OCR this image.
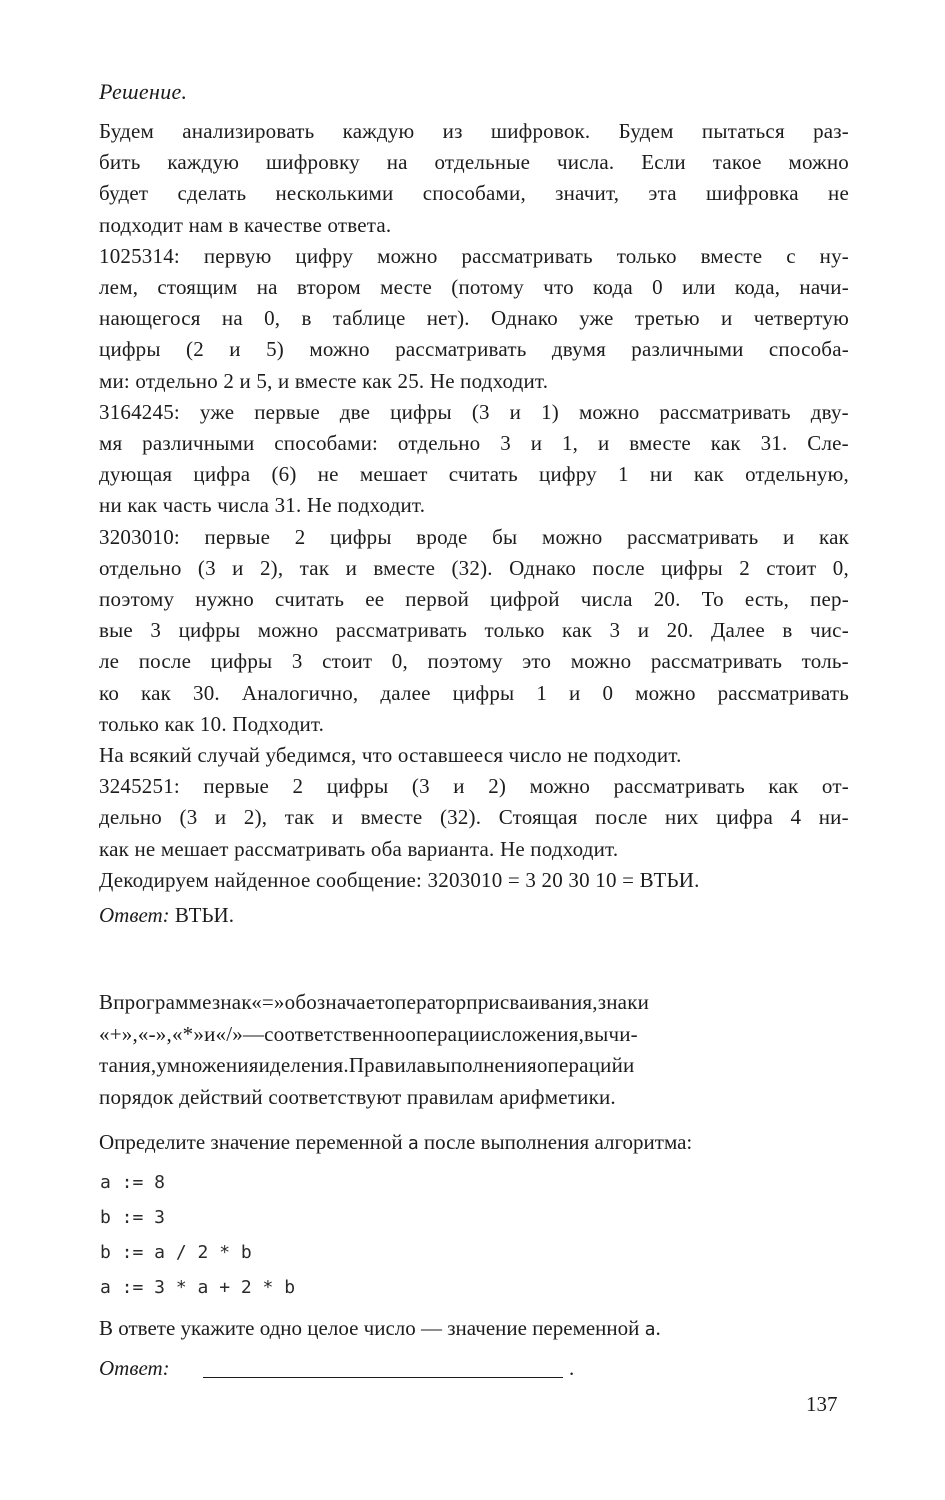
Решение.
Будем анализировать каждую из шифровок. Будем пытаться раз-
бить каждую шифровку на отдельные числа. Если такое можно
будет сделать несколькими способами, значит, эта шифровка не
подходит нам в качестве ответа.
1025314: первую цифру можно рассматривать только вместе с ну-
лем, стоящим на втором месте (потому что кода 0 или кода, начи-
нающегося на 0, в таблице нет). Однако уже третью и четвертую
цифры (2 и 5) можно рассматривать двумя различными способа-
ми: отдельно 2 и 5, и вместе как 25. Не подходит.
3164245: уже первые две цифры (3 и 1) можно рассматривать дву-
мя различными способами: отдельно 3 и 1, и вместе как 31. Сле-
дующая цифра (6) не мешает считать цифру 1 ни как отдельную,
ни как часть числа 31. Не подходит.
3203010: первые 2 цифры вроде бы можно рассматривать и как
отдельно (3 и 2), так и вместе (32). Однако после цифры 2 стоит 0,
поэтому нужно считать ее первой цифрой числа 20. То есть, пер-
вые 3 цифры можно рассматривать только как 3 и 20. Далее в чис-
ле после цифры 3 стоит 0, поэтому это можно рассматривать толь-
ко как 30. Аналогично, далее цифры 1 и 0 можно рассматривать
только как 10. Подходит.
На всякий случай убедимся, что оставшееся число не подходит.
3245251: первые 2 цифры (3 и 2) можно рассматривать как от-
дельно (3 и 2), так и вместе (32). Стоящая после них цифра 4 ни-
как не мешает рассматривать оба варианта. Не подходит.
Декодируем найденное сообщение: 3203010 = 3 20 30 10 = ВТЬИ.
Ответ: ВТЬИ.
Впрограммезнак«=»обозначаетоператорприсваивания,знаки
«+»,«-»,«*»и«/»—соответственнооперациисложения,вычи-
тания,умноженияиделения.Правилавыполненияоперацийи
порядок действий соответствуют правилам арифметики.
Определите значение переменной a после выполнения алгоритма:
a := 8
b := 3
b := a / 2 * b
a := 3 * a + 2 * b
В ответе укажите одно целое число — значение переменной a.
Ответ:	.
137
